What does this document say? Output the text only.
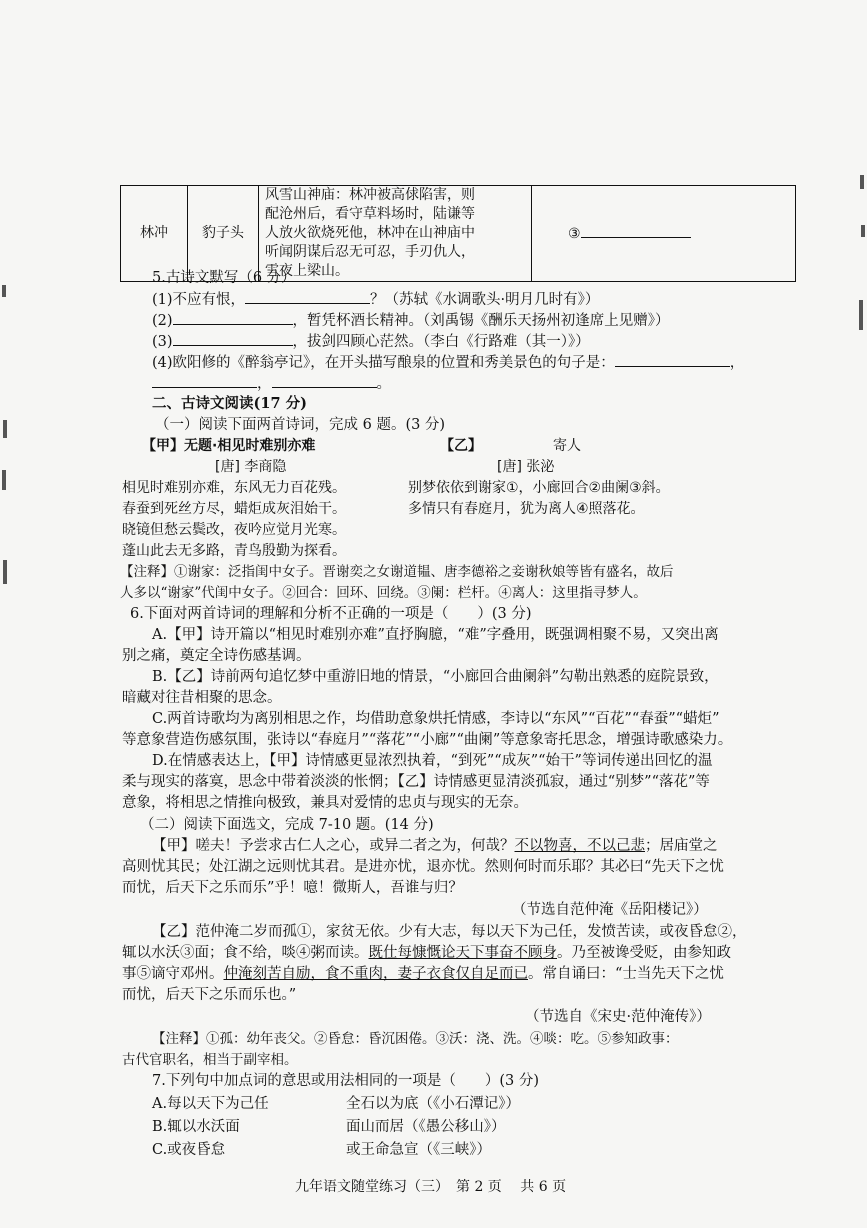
林冲	豹子头	
风雪山神庙：林冲被高俅陷害，则
配沧州后，看守草料场时，陆谦等
人放火欲烧死他，林冲在山神庙中
听闻阴谋后忍无可忍，手刃仇人，
雪夜上梁山。
	③
5.古诗文默写（6 分）
(1)不应有恨，	？（苏轼《水调歌头·明月几时有》）
(2)	，暂凭杯酒长精神。（刘禹锡《酬乐天扬州初逢席上见赠》）
(3)	，拔剑四顾心茫然。（李白《行路难（其一）》）
(4)欧阳修的《醉翁亭记》，在开头描写酿泉的位置和秀美景色的句子是：	，
，	。
二、古诗文阅读(17 分)
（一）阅读下面两首诗词，完成 6 题。(3 分)
【甲】无题·相见时难别亦难
[唐] 李商隐
相见时难别亦难，东风无力百花残。
春蚕到死丝方尽，蜡炬成灰泪始干。
晓镜但愁云鬓改，夜吟应觉月光寒。
蓬山此去无多路，青鸟殷勤为探看。
【乙】	寄人
[唐] 张泌
别梦依依到谢家①，小廊回合②曲阑③斜。
多情只有春庭月，犹为离人④照落花。
【注释】①谢家：泛指闺中女子。晋谢奕之女谢道韫、唐李德裕之妾谢秋娘等皆有盛名，故后
人多以“谢家”代闺中女子。②回合：回环、回绕。③阑：栏杆。④离人：这里指寻梦人。
6.下面对两首诗词的理解和分析不正确的一项是（　　）(3 分)
A.【甲】诗开篇以“相见时难别亦难”直抒胸臆，“难”字叠用，既强调相聚不易，又突出离
别之痛，奠定全诗伤感基调。
B.【乙】诗前两句追忆梦中重游旧地的情景，“小廊回合曲阑斜”勾勒出熟悉的庭院景致，
暗藏对往昔相聚的思念。
C.两首诗歌均为离别相思之作，均借助意象烘托情感，李诗以“东风”“百花”“春蚕”“蜡炬”
等意象营造伤感氛围，张诗以“春庭月”“落花”“小廊”“曲阑”等意象寄托思念，增强诗歌感染力。
D.在情感表达上，【甲】诗情感更显浓烈执着，“到死”“成灰”“始干”等词传递出回忆的温
柔与现实的落寞，思念中带着淡淡的怅惘；【乙】诗情感更显清淡孤寂，通过“别梦”“落花”等
意象，将相思之情推向极致，兼具对爱情的忠贞与现实的无奈。
（二）阅读下面选文，完成 7-10 题。(14 分)
【甲】嗟夫！予尝求古仁人之心，或异二者之为，何哉？不以物喜，不以己悲；居庙堂之
高则忧其民；处江湖之远则忧其君。是进亦忧，退亦忧。然则何时而乐耶？其必曰“先天下之忧
而忧，后天下之乐而乐”乎！噫！微斯人，吾谁与归？
（节选自范仲淹《岳阳楼记》）
【乙】范仲淹二岁而孤①，家贫无依。少有大志，每以天下为己任，发愤苦读，或夜昏怠②，
辄以水沃③面；食不给，啖④粥而读。既仕每慷慨论天下事奋不顾身。乃至被谗受贬，由参知政
事⑤谪守邓州。仲淹刻苦自励，食不重肉，妻子衣食仅自足而已。常自诵曰：“士当先天下之忧
而忧，后天下之乐而乐也。”
（节选自《宋史·范仲淹传》）
【注释】①孤：幼年丧父。②昏怠：昏沉困倦。③沃：浇、洗。④啖：吃。⑤参知政事：
古代官职名，相当于副宰相。
7.下列句中加点词的意思或用法相同的一项是（　　）(3 分)
A.每以天下为己任	全石以为底（《小石潭记》）
B.辄以水沃面	面山而居（《愚公移山》）
C.或夜昏怠	或王命急宣（《三峡》）
九年语文随堂练习（三）　第 2 页　 共 6 页
